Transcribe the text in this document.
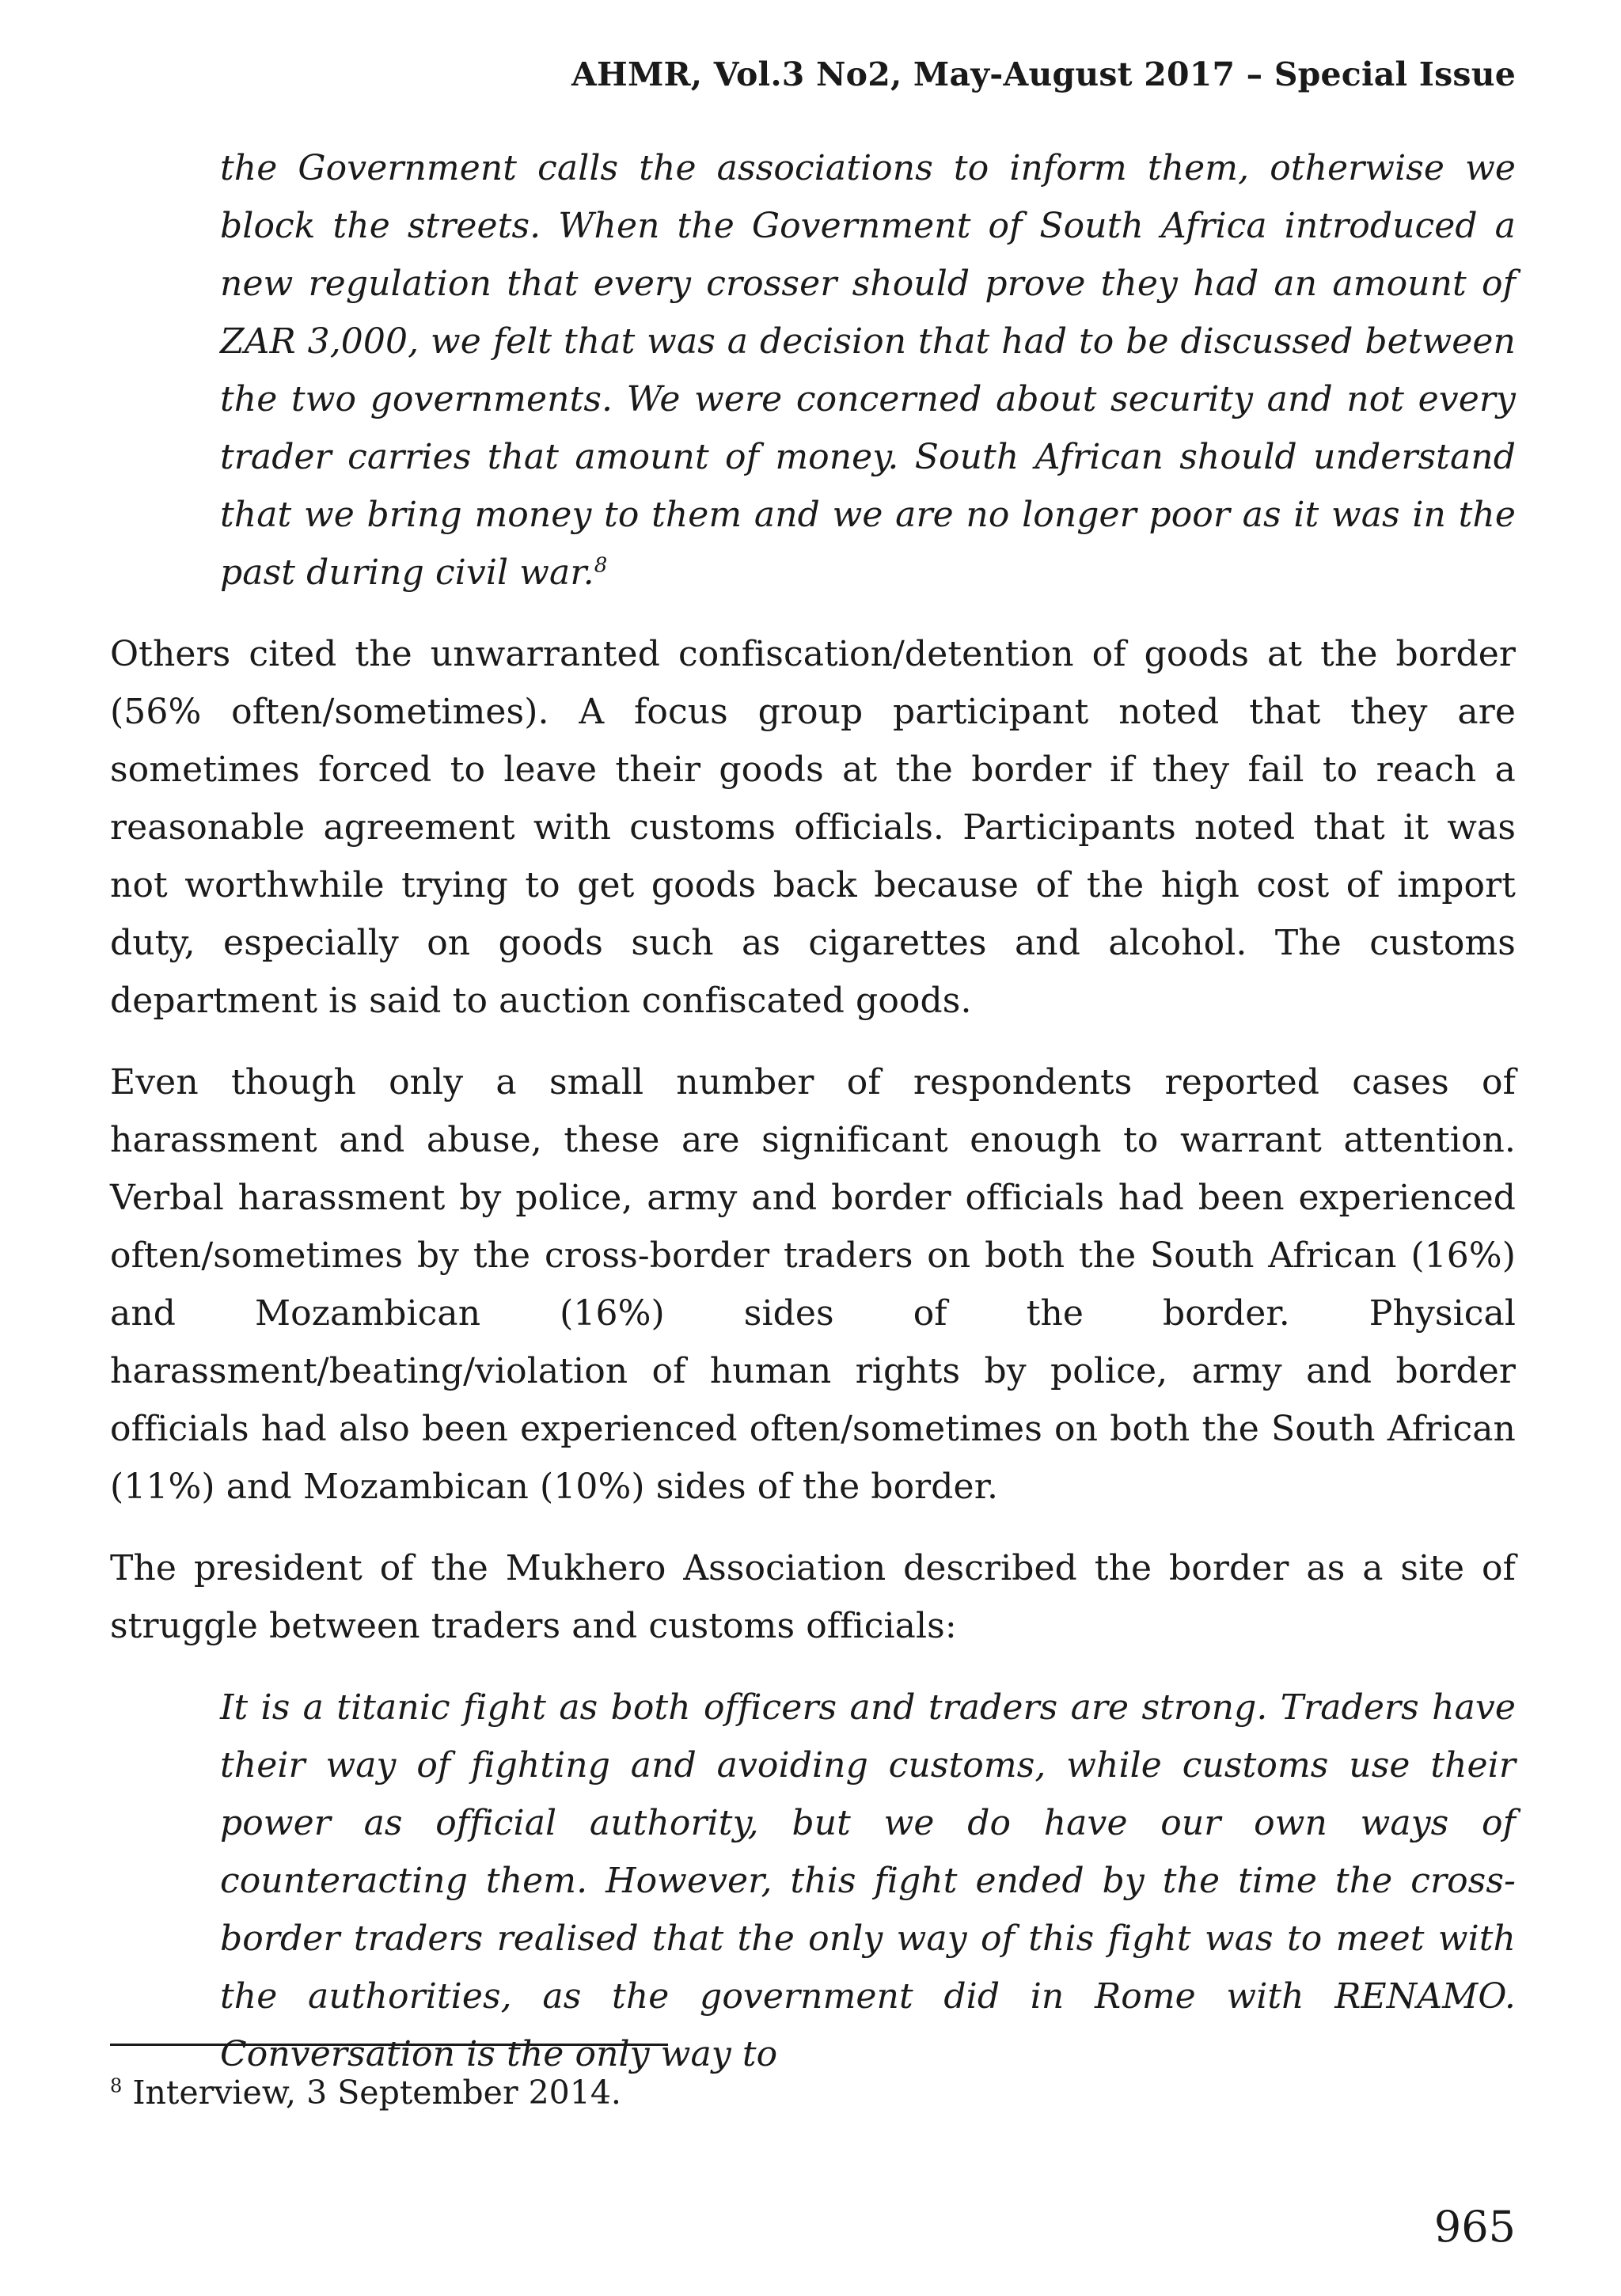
AHMR, Vol.3 No2, May-August 2017 – Special Issue
the Government calls the associations to inform them, otherwise we block the streets. When the Government of South Africa introduced a new regulation that every crosser should prove they had an amount of ZAR 3,000, we felt that was a decision that had to be discussed between the two governments. We were concerned about security and not every trader carries that amount of money. South African should understand that we bring money to them and we are no longer poor as it was in the past during civil war.$^8$

Others cited the unwarranted confiscation/detention of goods at the border (56% often/sometimes). A focus group participant noted that they are sometimes forced to leave their goods at the border if they fail to reach a reasonable agreement with customs officials. Participants noted that it was not worthwhile trying to get goods back because of the high cost of import duty, especially on goods such as cigarettes and alcohol. The customs department is said to auction confiscated goods.

Even though only a small number of respondents reported cases of harassment and abuse, these are significant enough to warrant attention. Verbal harassment by police, army and border officials had been experienced often/sometimes by the cross-border traders on both the South African (16%) and Mozambican (16%) sides of the border. Physical harassment/beating/violation of human rights by police, army and border officials had also been experienced often/sometimes on both the South African (11%) and Mozambican (10%) sides of the border.

The president of the Mukhero Association described the border as a site of struggle between traders and customs officials:

It is a titanic fight as both officers and traders are strong. Traders have their way of fighting and avoiding customs, while customs use their power as official authority, but we do have our own ways of counteracting them. However, this fight ended by the time the cross-border traders realised that the only way of this fight was to meet with the authorities, as the government did in Rome with RENAMO. Conversation is the only way to
$^8$ Interview, 3 September 2014.
965
